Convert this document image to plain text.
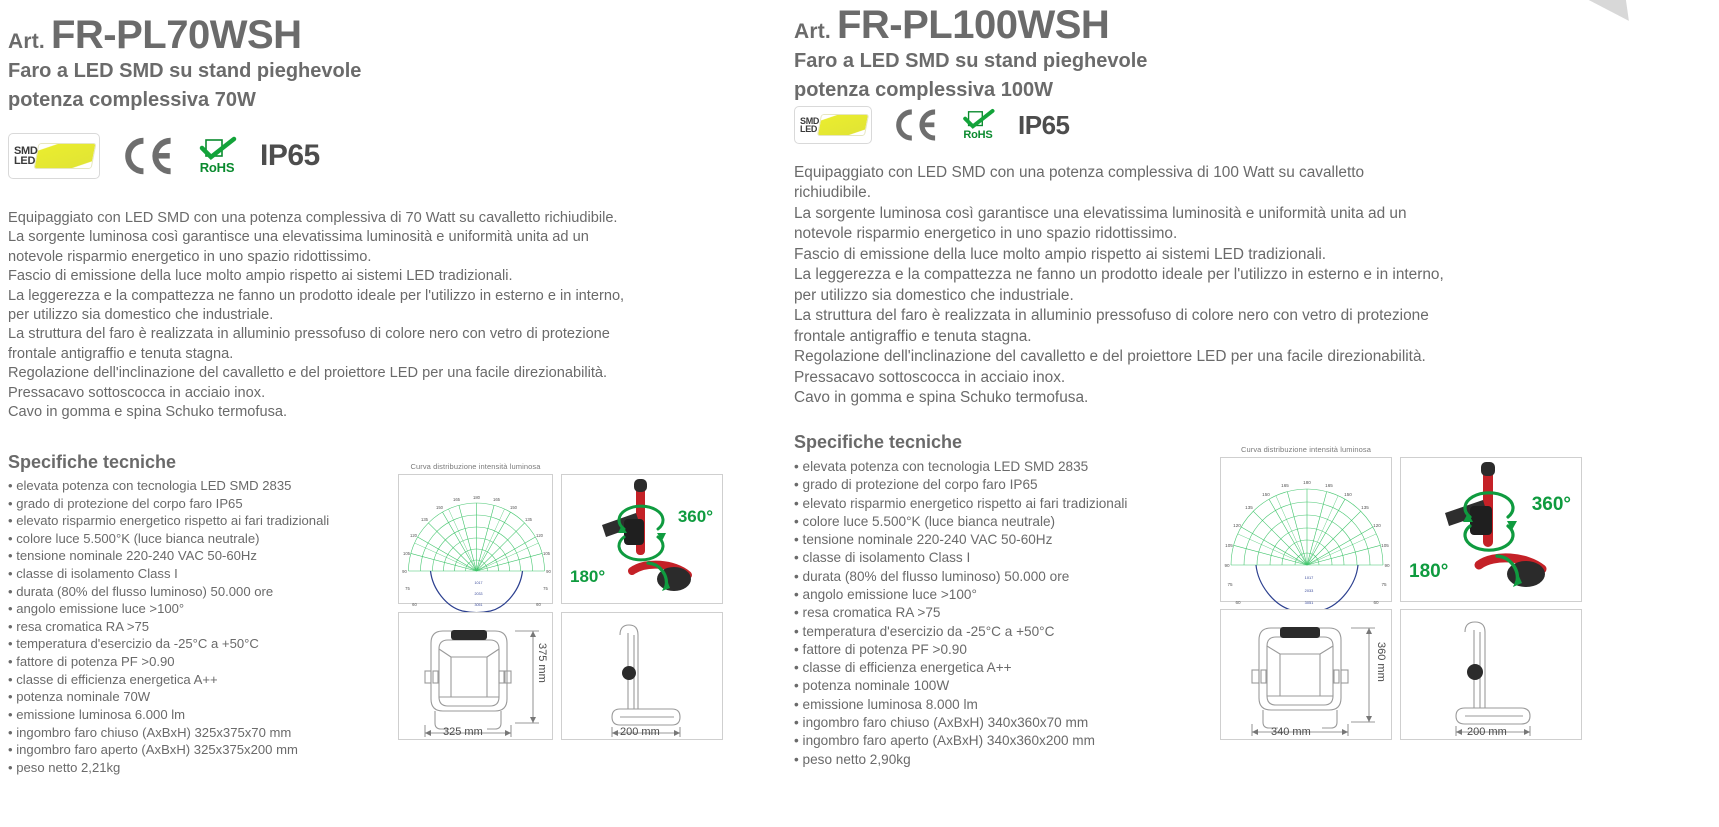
Art. FR-PL70WSH
Faro a LED SMD su stand pieghevole
potenza complessiva 70W
SMD
LED	RoHS IP65

Equipaggiato con LED SMD con una potenza complessiva di 70 Watt su cavalletto richiudibile.

La sorgente luminosa così garantisce una elevatissima luminosità e uniformità unita ad un

notevole risparmio energetico in uno spazio ridottissimo.

Fascio di emissione della luce molto ampio rispetto ai sistemi LED tradizionali.

La leggerezza e la compattezza ne fanno un prodotto ideale per l'utilizzo in esterno e in interno,

per utilizzo sia domestico che industriale.

La struttura del faro è realizzata in alluminio pressofuso di colore nero con vetro di protezione

frontale antigraffio e tenuta stagna.

Regolazione dell'inclinazione del cavalletto e del proiettore LED per una facile direzionabilità.

Pressacavo sottoscocca in acciaio inox.

Cavo in gomma e spina Schuko termofusa.

Specifiche tecniche
• elevata potenza con tecnologia LED SMD 2835
• grado di protezione del corpo faro IP65
• elevato risparmio energetico rispetto ai fari tradizionali
• colore luce 5.500°K (luce bianca neutrale)
• tensione nominale 220-240 VAC 50-60Hz
• classe di isolamento Class I
• durata (80% del flusso luminoso) 50.000 ore
• angolo emissione luce >100°
• resa cromatica RA >75
• temperatura d'esercizio da -25°C a +50°C
• fattore di potenza PF >0.90
• classe di efficienza energetica A++
• potenza nominale 70W
• emissione luminosa 6.000 lm
• ingombro faro chiuso (AxBxH) 325x375x70 mm
• ingombro faro aperto (AxBxH) 325x375x200 mm
• peso netto 2,21kg
Curva distribuzione intensità luminosa
180
165
150
135
120
105
90
75
60	60
75
90
105
120
135
150
165
1017
2033
3051
360°
180°
375 mm
325 mm	200 mm
Art. FR-PL100WSH
Faro a LED SMD su stand pieghevole
potenza complessiva 100W
SMD
LED	RoHS IP65

Equipaggiato con LED SMD con una potenza complessiva di 100 Watt su cavalletto

richiudibile.

La sorgente luminosa così garantisce una elevatissima luminosità e uniformità unita ad un

notevole risparmio energetico in uno spazio ridottissimo.

Fascio di emissione della luce molto ampio rispetto ai sistemi LED tradizionali.

La leggerezza e la compattezza ne fanno un prodotto ideale per l'utilizzo in esterno e in interno,

per utilizzo sia domestico che industriale.

La struttura del faro è realizzata in alluminio pressofuso di colore nero con vetro di protezione

frontale antigraffio e tenuta stagna.

Regolazione dell'inclinazione del cavalletto e del proiettore LED per una facile direzionabilità.

Pressacavo sottoscocca in acciaio inox.

Cavo in gomma e spina Schuko termofusa.

Specifiche tecniche
• elevata potenza con tecnologia LED SMD 2835
• grado di protezione del corpo faro IP65
• elevato risparmio energetico rispetto ai fari tradizionali
• colore luce 5.500°K (luce bianca neutrale)
• tensione nominale 220-240 VAC 50-60Hz
• classe di isolamento Class I
• durata (80% del flusso luminoso) 50.000 ore
• angolo emissione luce >100°
• resa cromatica RA >75
• temperatura d'esercizio da -25°C a +50°C
• fattore di potenza PF >0.90
• classe di efficienza energetica A++
• potenza nominale 100W
• emissione luminosa 8.000 lm
• ingombro faro chiuso (AxBxH) 340x360x70 mm
• ingombro faro aperto (AxBxH) 340x360x200 mm
• peso netto 2,90kg
Curva distribuzione intensità luminosa
180
165
150
135
120
105
90
75
60	60
75
90
105
120
135
150
165
1017
2033
3051
360°
180°
360 mm
340 mm	200 mm
